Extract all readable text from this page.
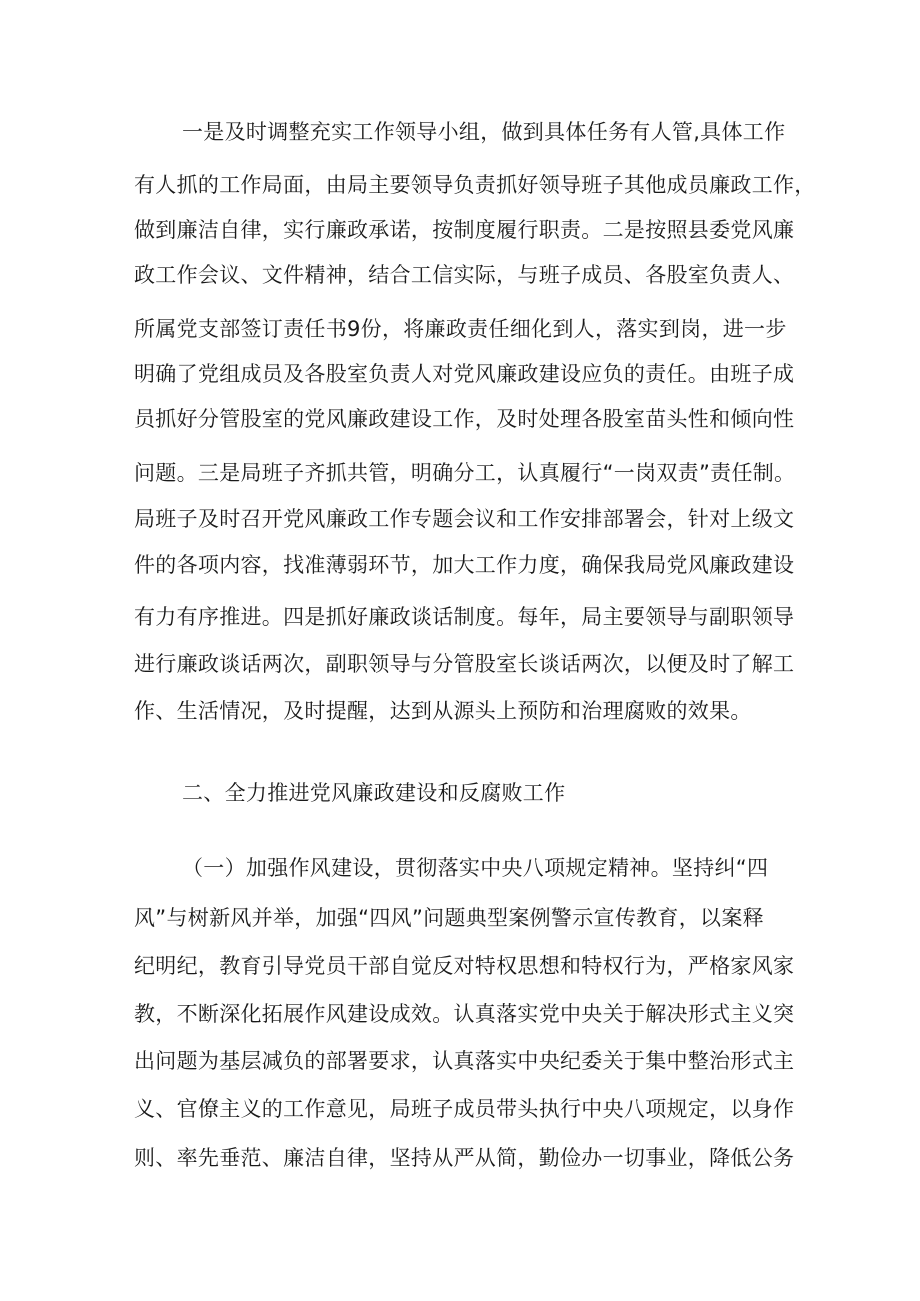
一是及时调整充实工作领导小组，做到具体任务有人管,具体工作
有人抓的工作局面，由局主要领导负责抓好领导班子其他成员廉政工作，
做到廉洁自律，实行廉政承诺，按制度履行职责。二是按照县委党风廉
政工作会议、文件精神，结合工信实际，与班子成员、各股室负责人、
所属党支部签订责任书9份，将廉政责任细化到人，落实到岗，进一步
明确了党组成员及各股室负责人对党风廉政建设应负的责任。由班子成
员抓好分管股室的党风廉政建设工作，及时处理各股室苗头性和倾向性
问题。三是局班子齐抓共管，明确分工，认真履行“一岗双责”责任制。
局班子及时召开党风廉政工作专题会议和工作安排部署会，针对上级文
件的各项内容，找准薄弱环节，加大工作力度，确保我局党风廉政建设
有力有序推进。四是抓好廉政谈话制度。每年，局主要领导与副职领导
进行廉政谈话两次，副职领导与分管股室长谈话两次，以便及时了解工
作、生活情况，及时提醒，达到从源头上预防和治理腐败的效果。
二、全力推进党风廉政建设和反腐败工作
（一）加强作风建设，贯彻落实中央八项规定精神。坚持纠“四
风”与树新风并举，加强“四风”问题典型案例警示宣传教育，以案释
纪明纪，教育引导党员干部自觉反对特权思想和特权行为，严格家风家
教，不断深化拓展作风建设成效。认真落实党中央关于解决形式主义突
出问题为基层减负的部署要求，认真落实中央纪委关于集中整治形式主
义、官僚主义的工作意见，局班子成员带头执行中央八项规定，以身作
则、率先垂范、廉洁自律，坚持从严从简，勤俭办一切事业，降低公务
